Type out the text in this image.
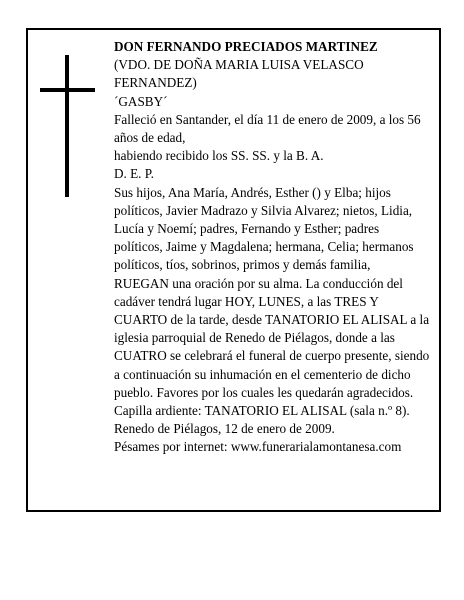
DON FERNANDO PRECIADOS MARTINEZ

(VDO. DE DOÑA MARIA LUISA VELASCO FERNANDEZ)

´GASBY´

Falleció en Santander, el día 11 de enero de 2009, a los 56 años de edad,

habiendo recibido los SS. SS. y la B. A.

D. E. P.

Sus hijos, Ana María, Andrés, Esther () y Elba; hijos políticos, Javier Madrazo y Silvia Alvarez; nietos, Lidia, Lucía y Noemí; padres, Fernando y Esther; padres políticos, Jaime y Magdalena; hermana, Celia; hermanos políticos, tíos, sobrinos, primos y demás familia,

RUEGAN una oración por su alma. La conducción del cadáver tendrá lugar HOY, LUNES, a las TRES Y CUARTO de la tarde, desde TANATORIO EL ALISAL a la iglesia parroquial de Renedo de Piélagos, donde a las CUATRO se celebrará el funeral de cuerpo presente, siendo a continuación su inhumación en el cementerio de dicho pueblo. Favores por los cuales les quedarán agradecidos. Capilla ardiente: TANATORIO EL ALISAL (sala n.º 8).

Renedo de Piélagos, 12 de enero de 2009.

Pésames por internet: www.funerarialamontanesa.com
